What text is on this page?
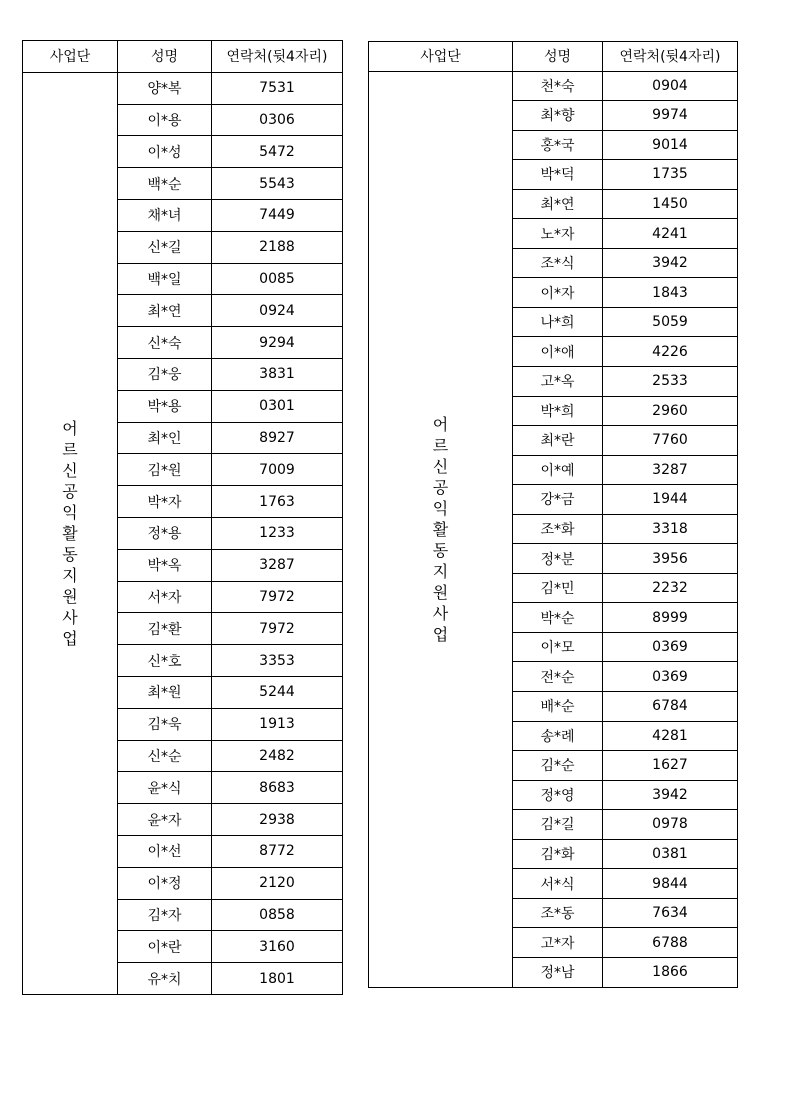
사업단	성명	연락처(뒷4자리)
어르신공익활동지원사업	양*복	7531
	이*용	0306
	이*성	5472
	백*순	5543
	채*녀	7449
	신*길	2188
	백*일	0085
	최*연	0924
	신*숙	9294
	김*웅	3831
	박*용	0301
	최*인	8927
	김*원	7009
	박*자	1763
	정*용	1233
	박*옥	3287
	서*자	7972
	김*환	7972
	신*호	3353
	최*원	5244
	김*욱	1913
	신*순	2482
	윤*식	8683
	윤*자	2938
	이*선	8772
	이*정	2120
	김*자	0858
	이*란	3160
	유*치	1801
사업단	성명	연락처(뒷4자리)
어르신공익활동지원사업	천*숙	0904
	최*향	9974
	홍*국	9014
	박*덕	1735
	최*연	1450
	노*자	4241
	조*식	3942
	이*자	1843
	나*희	5059
	이*애	4226
	고*옥	2533
	박*희	2960
	최*란	7760
	이*예	3287
	강*금	1944
	조*화	3318
	정*분	3956
	김*민	2232
	박*순	8999
	이*모	0369
	전*순	0369
	배*순	6784
	송*례	4281
	김*순	1627
	정*영	3942
	김*길	0978
	김*화	0381
	서*식	9844
	조*동	7634
	고*자	6788
	정*남	1866
